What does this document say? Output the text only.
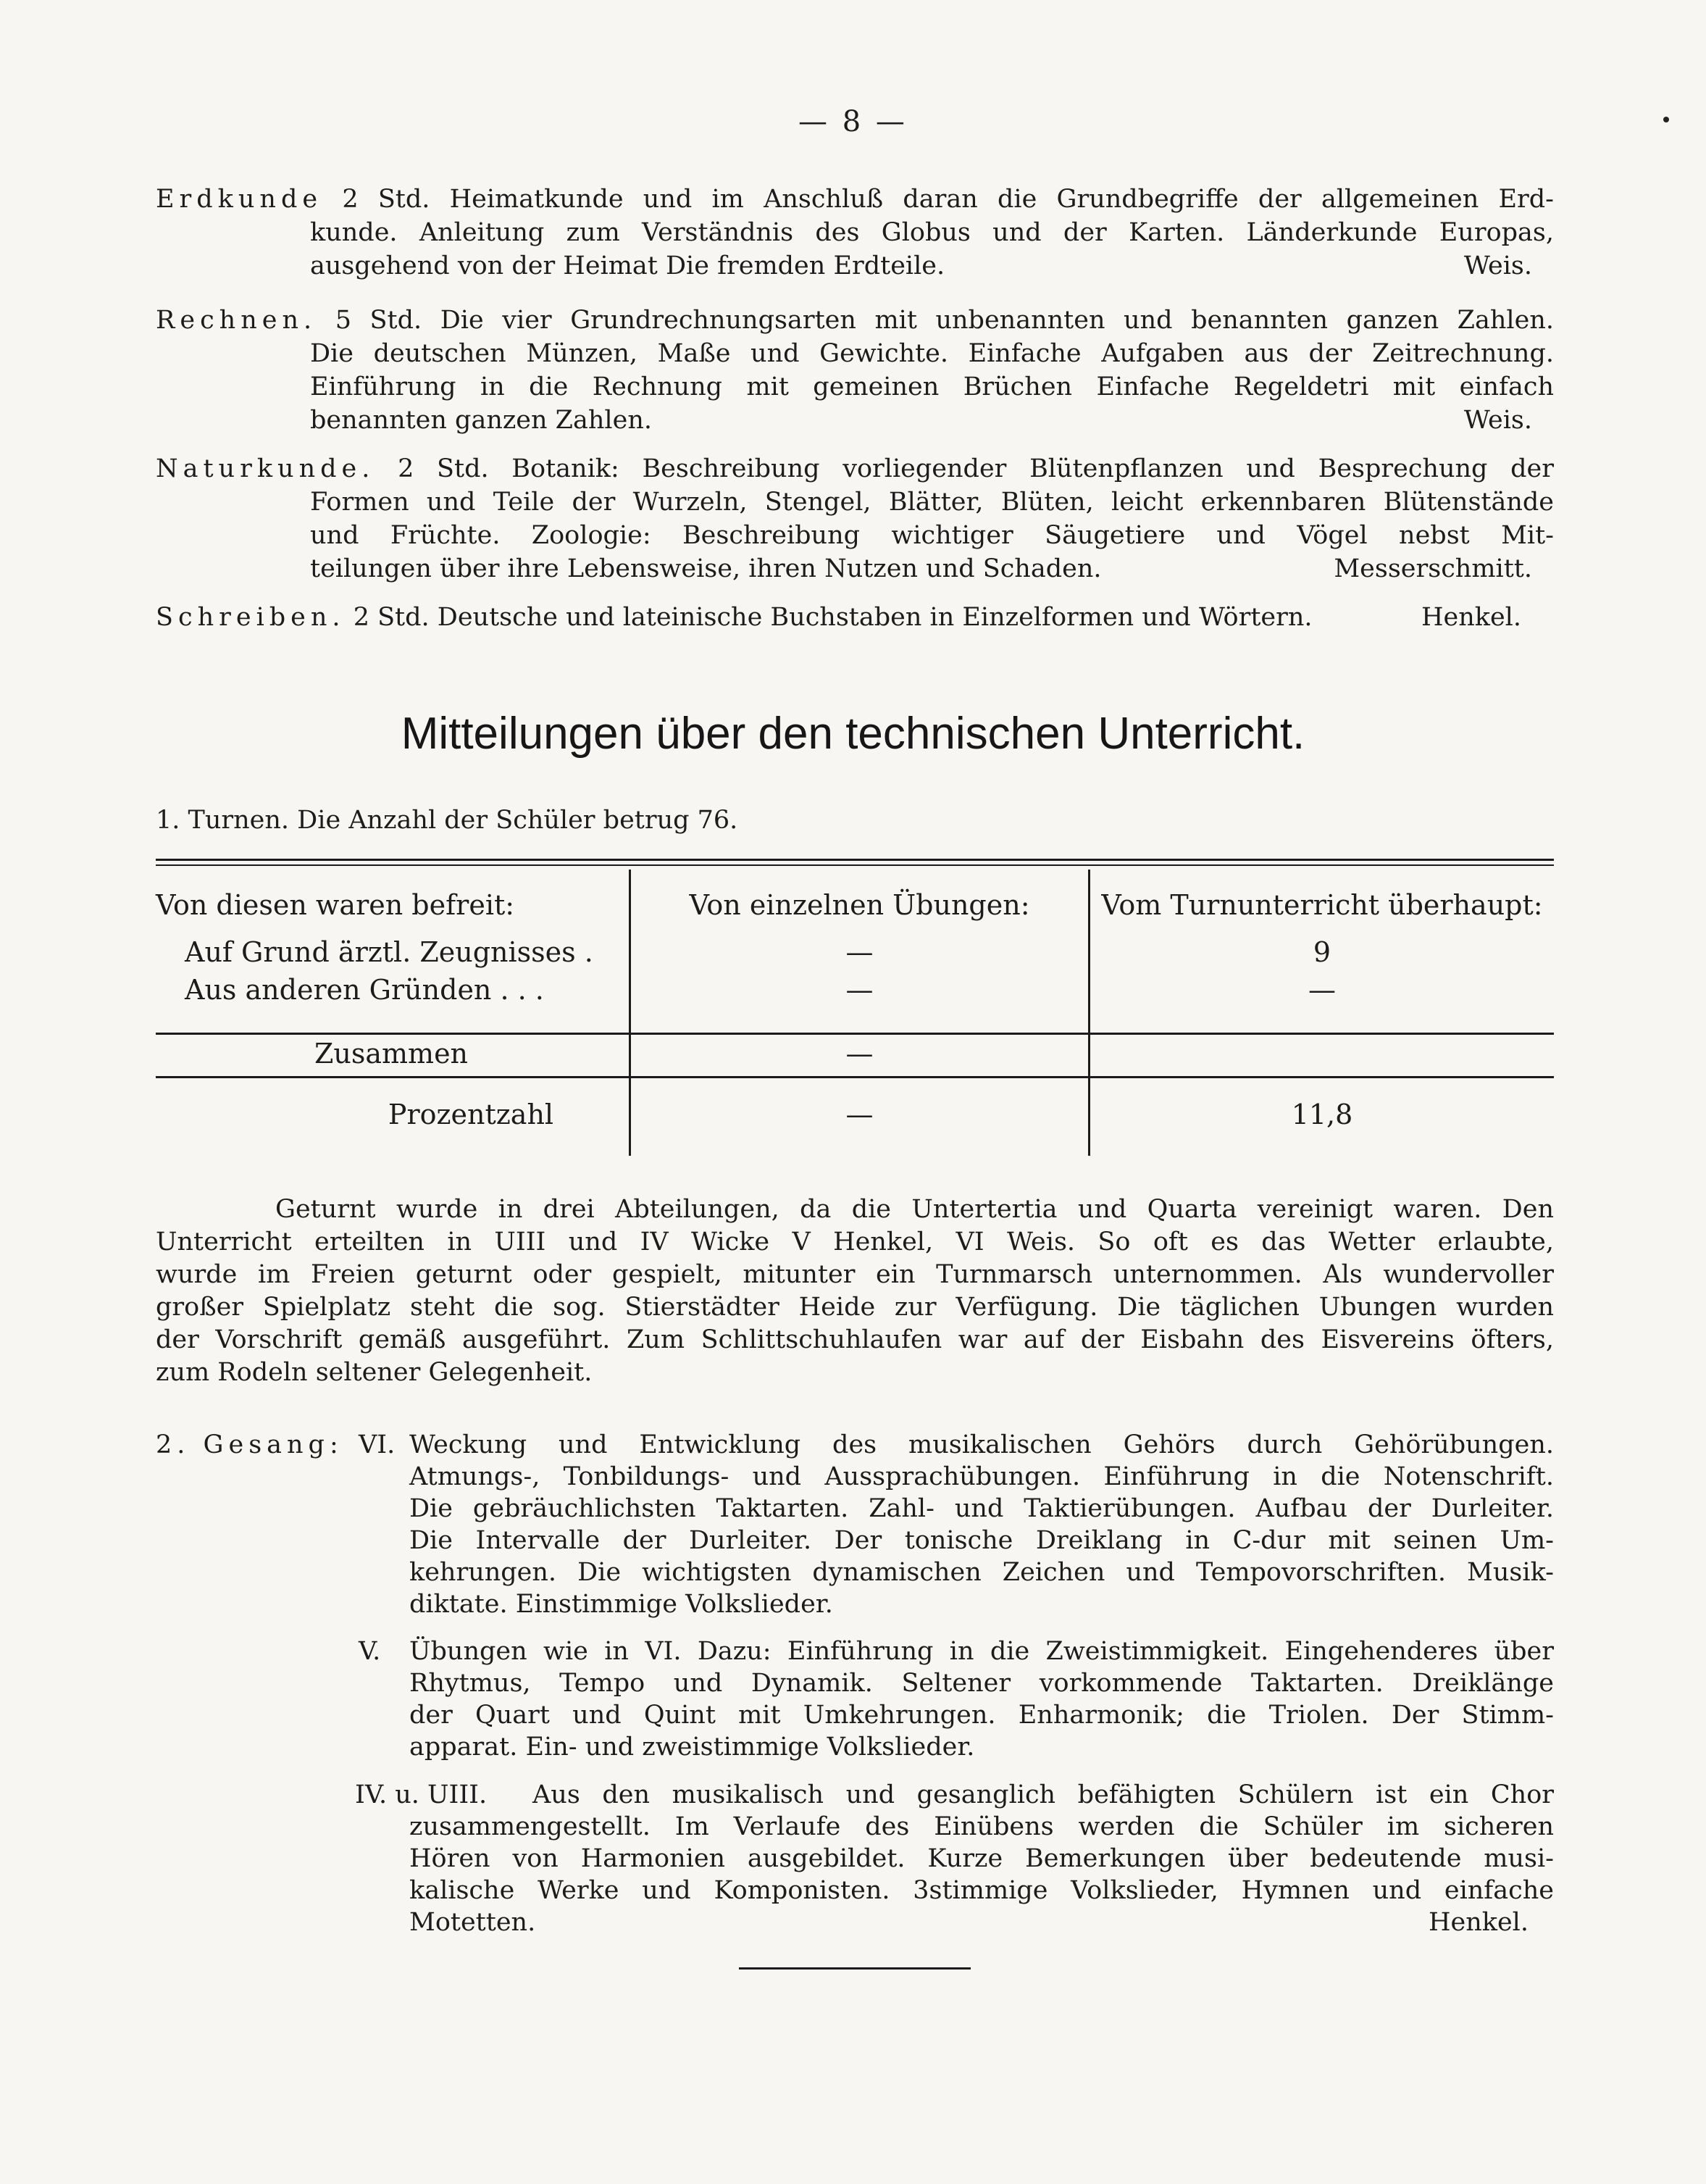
— 8 —
Erdkunde 2 Std. Heimatkunde und im Anschluß daran die Grundbegriffe der allgemeinen Erd-
kunde. Anleitung zum Verständnis des Globus und der Karten. Länderkunde Europas,
ausgehend von der Heimat Die fremden Erdteile.	Weis.
Rechnen. 5 Std. Die vier Grundrechnungsarten mit unbenannten und benannten ganzen Zahlen.
Die deutschen Münzen, Maße und Gewichte. Einfache Aufgaben aus der Zeitrechnung.
Einführung in die Rechnung mit gemeinen Brüchen Einfache Regeldetri mit einfach
benannten ganzen Zahlen.	Weis.
Naturkunde. 2 Std. Botanik: Beschreibung vorliegender Blütenpflanzen und Besprechung der
Formen und Teile der Wurzeln, Stengel, Blätter, Blüten, leicht erkennbaren Blütenstände
und Früchte. Zoologie: Beschreibung wichtiger Säugetiere und Vögel nebst Mit-
teilungen über ihre Lebensweise, ihren Nutzen und Schaden.	Messerschmitt.
Schreiben. 2 Std. Deutsche und lateinische Buchstaben in Einzelformen und Wörtern.	Henkel.
Mitteilungen über den technischen Unterricht.
1. Turnen. Die Anzahl der Schüler betrug 76.
Von diesen waren befreit:	Von einzelnen Übungen:	Vom Turnunterricht überhaupt:
Auf Grund ärztl. Zeugnisses .	—	9
Aus anderen Gründen . . .	—	—
Zusammen	—
Prozentzahl	—	11,8
Geturnt wurde in drei Abteilungen, da die Untertertia und Quarta vereinigt waren. Den
Unterricht erteilten in UIII und IV Wicke V Henkel, VI Weis. So oft es das Wetter erlaubte,
wurde im Freien geturnt oder gespielt, mitunter ein Turnmarsch unternommen. Als wundervoller
großer Spielplatz steht die sog. Stierstädter Heide zur Verfügung. Die täglichen Ubungen wurden
der Vorschrift gemäß ausgeführt. Zum Schlittschuhlaufen war auf der Eisbahn des Eisvereins öfters,
zum Rodeln seltener Gelegenheit.
2. Gesang: VI. Weckung und Entwicklung des musikalischen Gehörs durch Gehörübungen.
Atmungs-, Tonbildungs- und Aussprachübungen. Einführung in die Notenschrift.
Die gebräuchlichsten Taktarten. Zahl- und Taktierübungen. Aufbau der Durleiter.
Die Intervalle der Durleiter. Der tonische Dreiklang in C-dur mit seinen Um-
kehrungen. Die wichtigsten dynamischen Zeichen und Tempovorschriften. Musik-
diktate. Einstimmige Volkslieder.
V. Übungen wie in VI. Dazu: Einführung in die Zweistimmigkeit. Eingehenderes über
Rhytmus, Tempo und Dynamik. Seltener vorkommende Taktarten. Dreiklänge
der Quart und Quint mit Umkehrungen. Enharmonik; die Triolen. Der Stimm-
apparat. Ein- und zweistimmige Volkslieder.
IV. u. UIII. Aus den musikalisch und gesanglich befähigten Schülern ist ein Chor
zusammengestellt. Im Verlaufe des Einübens werden die Schüler im sicheren
Hören von Harmonien ausgebildet. Kurze Bemerkungen über bedeutende musi-
kalische Werke und Komponisten. 3stimmige Volkslieder, Hymnen und einfache
Motetten.	Henkel.
